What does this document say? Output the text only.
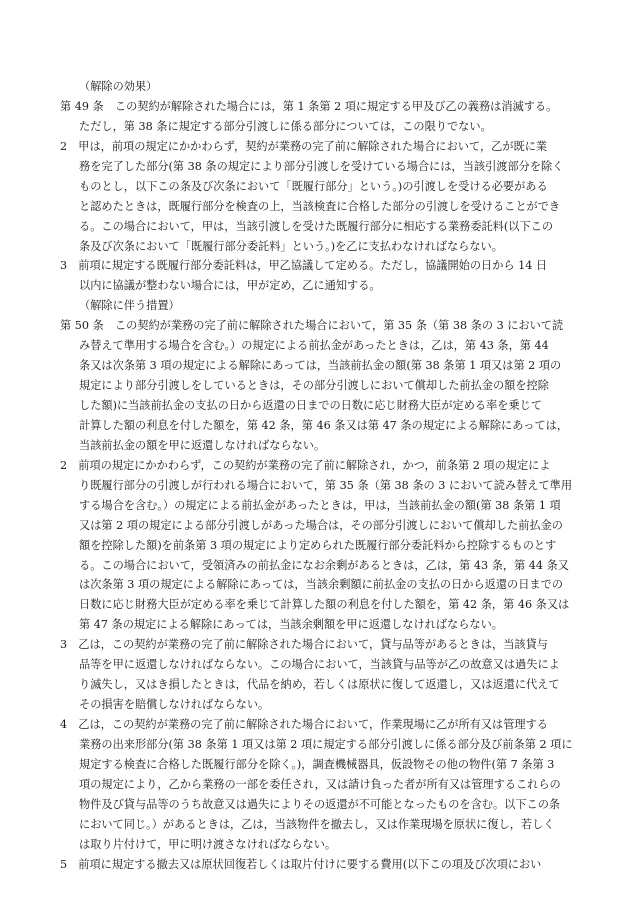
（解除の効果）
第 49 条　この契約が解除された場合には，第 1 条第 2 項に規定する甲及び乙の義務は消滅する。
ただし，第 38 条に規定する部分引渡しに係る部分については，この限りでない。
2　甲は，前項の規定にかかわらず，契約が業務の完了前に解除された場合において，乙が既に業
務を完了した部分(第 38 条の規定により部分引渡しを受けている場合には，当該引渡部分を除く
ものとし，以下この条及び次条において「既履行部分」という。)の引渡しを受ける必要がある
と認めたときは，既履行部分を検査の上，当該検査に合格した部分の引渡しを受けることができ
る。この場合において，甲は，当該引渡しを受けた既履行部分に相応する業務委託料(以下この
条及び次条において「既履行部分委託料」という。)を乙に支払わなければならない。
3　前項に規定する既履行部分委託料は，甲乙協議して定める。ただし，協議開始の日から 14 日
以内に協議が整わない場合には，甲が定め，乙に通知する。
（解除に伴う措置）
第 50 条　この契約が業務の完了前に解除された場合において，第 35 条（第 38 条の 3 において読
み替えて準用する場合を含む。）の規定による前払金があったときは，乙は，第 43 条，第 44
条又は次条第 3 項の規定による解除にあっては，当該前払金の額(第 38 条第 1 項又は第 2 項の
規定により部分引渡しをしているときは，その部分引渡しにおいて償却した前払金の額を控除
した額)に当該前払金の支払の日から返還の日までの日数に応じ財務大臣が定める率を乗じて
計算した額の利息を付した額を，第 42 条，第 46 条又は第 47 条の規定による解除にあっては，
当該前払金の額を甲に返還しなければならない。
2　前項の規定にかかわらず，この契約が業務の完了前に解除され，かつ，前条第 2 項の規定によ
り既履行部分の引渡しが行われる場合において，第 35 条（第 38 条の 3 において読み替えて準用
する場合を含む。）の規定による前払金があったときは，甲は，当該前払金の額(第 38 条第 1 項
又は第 2 項の規定による部分引渡しがあった場合は，その部分引渡しにおいて償却した前払金の
額を控除した額)を前条第 3 項の規定により定められた既履行部分委託料から控除するものとす
る。この場合において，受領済みの前払金になお余剰があるときは，乙は，第 43 条，第 44 条又
は次条第 3 項の規定による解除にあっては，当該余剰額に前払金の支払の日から返還の日までの
日数に応じ財務大臣が定める率を乗じて計算した額の利息を付した額を，第 42 条，第 46 条又は
第 47 条の規定による解除にあっては，当該余剰額を甲に返還しなければならない。
3　乙は，この契約が業務の完了前に解除された場合において，貸与品等があるときは，当該貸与
品等を甲に返還しなければならない。この場合において，当該貸与品等が乙の故意又は過失によ
り滅失し，又はき損したときは，代品を納め，若しくは原状に復して返還し，又は返還に代えて
その損害を賠償しなければならない。
4　乙は，この契約が業務の完了前に解除された場合において，作業現場に乙が所有又は管理する
業務の出来形部分(第 38 条第 1 項又は第 2 項に規定する部分引渡しに係る部分及び前条第 2 項に
規定する検査に合格した既履行部分を除く。)，調査機械器具，仮設物その他の物件(第 7 条第 3
項の規定により，乙から業務の一部を委任され，又は請け負った者が所有又は管理するこれらの
物件及び貸与品等のうち故意又は過失によりその返還が不可能となったものを含む。以下この条
において同じ。）があるときは，乙は，当該物件を撤去し，又は作業現場を原状に復し，若しく
は取り片付けて，甲に明け渡さなければならない。
5　前項に規定する撤去又は原状回復若しくは取片付けに要する費用(以下この項及び次項におい
